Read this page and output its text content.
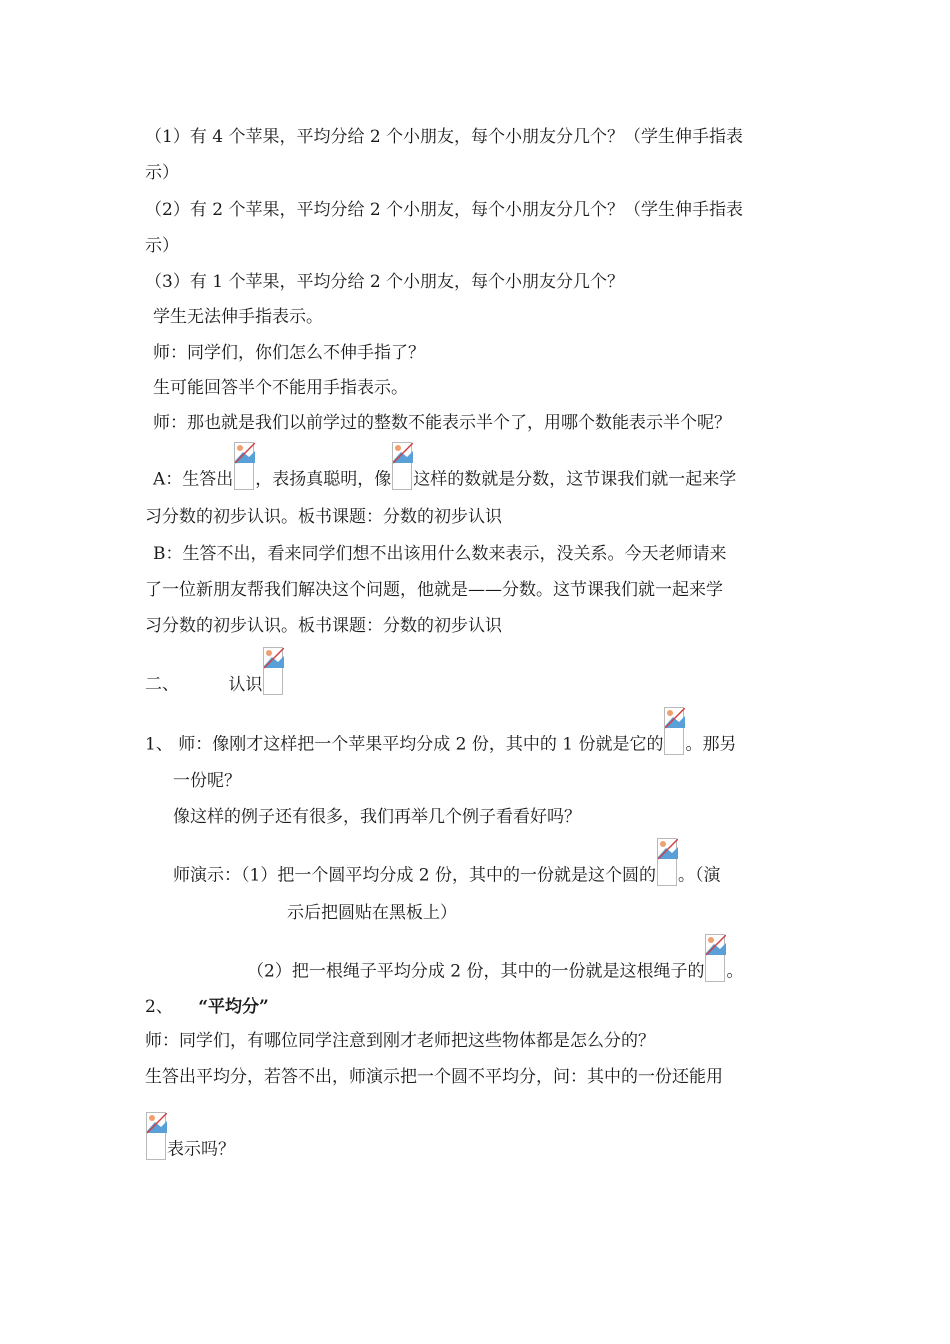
（1）有 4 个苹果，平均分给 2 个小朋友，每个小朋友分几个？（学生伸手指表
示）
（2）有 2 个苹果，平均分给 2 个小朋友，每个小朋友分几个？（学生伸手指表
示）
（3）有 1 个苹果，平均分给 2 个小朋友，每个小朋友分几个？
学生无法伸手指表示。
师：同学们，你们怎么不伸手指了？
生可能回答半个不能用手指表示。
师：那也就是我们以前学过的整数不能表示半个了，用哪个数能表示半个呢？
A：生答出 ，表扬真聪明，像 这样的数就是分数，这节课我们就一起来学
习分数的初步认识。板书课题：分数的初步认识
B：生答不出，看来同学们想不出该用什么数来表示，没关系。今天老师请来
了一位新朋友帮我们解决这个问题，他就是——分数。这节课我们就一起来学
习分数的初步认识。板书课题：分数的初步认识
二、	认识
1、 师：像刚才这样把一个苹果平均分成 2 份，其中的 1 份就是它的 。那另
一份呢？
像这样的例子还有很多，我们再举几个例子看看好吗？
师演示：（1）把一个圆平均分成 2 份，其中的一份就是这个圆的 。（演
示后把圆贴在黑板上）
（2）把一根绳子平均分成 2 份，其中的一份就是这根绳子的 。
2、 “平均分”
师：同学们，有哪位同学注意到刚才老师把这些物体都是怎么分的？
生答出平均分，若答不出，师演示把一个圆不平均分，问：其中的一份还能用
表示吗？
